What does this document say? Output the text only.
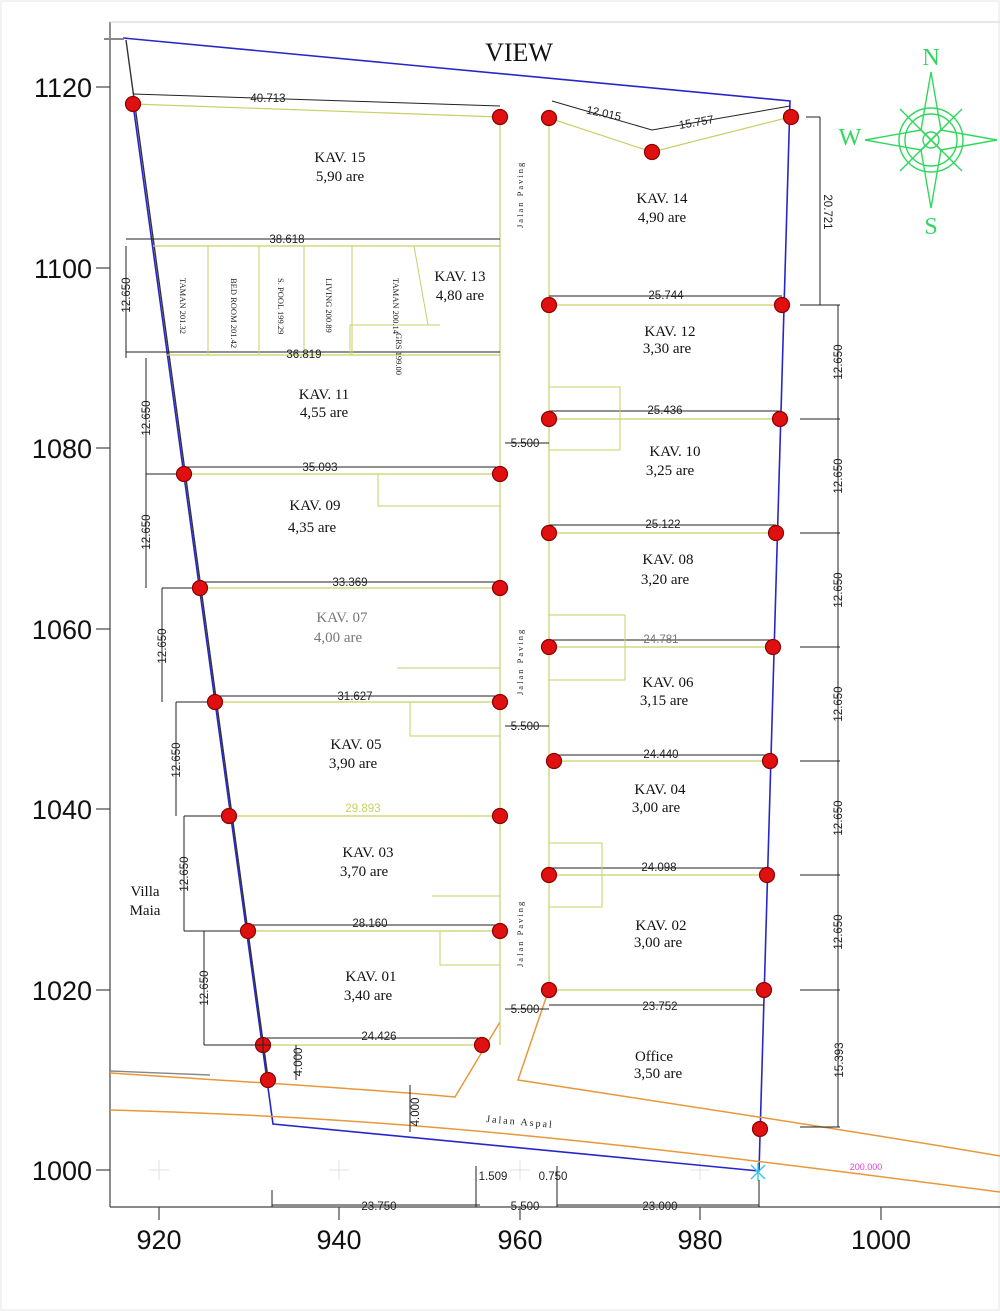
1120
1100
1080
1060
1040
1020
1000
920	940	960	980	1000
VIEW
TAMAN 201.32	BED ROOM 201.42	S. POOL 199.29	LIVING 200.89	TAMAN 200.14
GRS 199.00
N
S
W
KAV. 15
5,90 are
KAV. 14
4,90 are
KAV. 13
4,80 are
KAV. 12
3,30 are
KAV. 11
4,55 are
KAV. 10
3,25 are
KAV. 09
4,35 are
KAV. 08
3,20 are
KAV. 07
4,00 are
KAV. 06
3,15 are
KAV. 05
3,90 are
KAV. 04
3,00 are
KAV. 03
3,70 are
KAV. 02
3,00 are
KAV. 01
3,40 are
Office
3,50 are
Villa
Maia
Jalan Paving
Jalan Paving
Jalan Paving
Jalan Aspal
40.713
12.015	15.757
20.721
38.618
36.819
25.744
25.436
35.093
25.122
33.369
24.781
31.627
24.440
29.893
24.098
28.160
23.752
24.426
4.000
4.000
15.393
5.500
5.500
5.500
5.500
23.750	23.000
1.509	0.750
200.000
12.650
12.650
12.650
12.650
12.650
12.650
12.650
12.650
12.650
12.650
12.650
12.650
12.650
